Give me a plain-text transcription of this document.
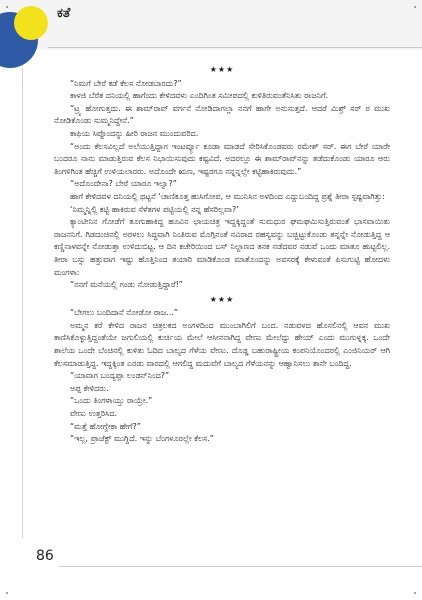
ಕತೆ
★★★

“ನಿಮಗೆ ಬೇರೆ ಕಡೆ ಕೆಲಸ ನೋಡಬಾರದು?”

ಕಾಳಜಿ ಬೆರೆತ ದನಿಯಲ್ಲಿ ಹಾಗೆಂದು ಕೇಳಿದವಳು ಎಂದಿಗಿಂತ ಸಮೀಪದಲ್ಲಿ ಕುಳಿತಿರುವಂತೆನಿಸಿತು ರಾಜನಿಗೆ.

“ಟ್ರ್ಯ ಹೋಗುತ್ತದು. ಈ ಶಾಮ್‌ರಾವ್ ವರ್ಗನೆ ನೋಡಿದಾಗಲ್ಲಾ ನನಗೆ ಹಾಗೇ ಅನುಸುತ್ತದೆ. ಆದರೆ ಮಿಶ್ರ್ ಸರ್ ರ ಮುಖ ನೋಡಿಕೊಂಡು ಸುಮ್ಮನಿದ್ದೇನೆ.”

ಕಾಫಿಯ ಸಿಪ್ಪೊಂದನ್ನು ಹೀರಿ ರಾಜನ ಮುಂದುವರಿದ.

“ಅಂದು ಕೆಲಸವಿಲ್ಲದೆ ಅಲೆಯುತ್ತಿದ್ದಾಗ ಇಂಟರ್ವ್ಯೂ ಕೂಡಾ ಮಾಡದೆ ಸೇರಿಸಿಕೊಂಡವರು ರಮೇಶ್ ಸರ್. ಈಗ ಬೇರೆ ಯಾರೇ ಬಂದರೂ ನಾನು ಮಾಡುತ್ತಿರುವ ಕೆಲಸ ನಿಭಾಯಿಸುವುದು ಕಷ್ಟವಿದೆ. ಅದರಲ್ಲೂ ಈ ಶಾಮ್‌ರಾವ್‌ನನ್ನು ತಡೆದುಕೊಂಡು ಯಾರೂ ಆರು ತಿಂಗಳಿಗಿಂತ ಹೆಚ್ಚಿಗೆ ಉಳಿಯಲಾರರು. ಅದೊಂದೇ ಋಣ, ಇಷ್ಟರಗೂ ನನ್ನನ್ನಲ್ಲೇ ಕಟ್ಟಿಹಾಕಿರುವುದು.”

“ಅದೊಂದೇನಾ? ಬೇರೆ ಯಾರೂ ಇಲ್ವಾ?”

ಹಾಗೆ ಕೇಳಿದವಳ ದನಿಯಲ್ಲಿ ಥಟ್ಟನೆ ‘ಚಾಣಿಕೂತ್ತ ಹುಸಿಗೋಪ, ಆ ಮುನಿಸಿನ ಅಳದಿಂದ ಎದ್ದುಬಂದಿದ್ದ ಪ್ರಶ್ನೆ ತೀರಾ ಸ್ಪಷ್ಟವಾಗಿತ್ತು:

‘ನಿಮ್ಮನ್ನಿಲ್ಲಿ ಕಟ್ಟಿ ಹಾಕಿರುವ ಸೆಳೆತಗಳ ಪಟ್ಟಿಯಲ್ಲಿ ನನ್ನ ಹೆಸರಿಲ್ಲವಾ?’

ಕ್ಯಾಂಟೀನಿನ ಗೋಡೆಗೆ ತೂಗುಹಾಕಿದ್ದ ಹೂವಿನ ಛಾಯಚಿತ್ರ ಇದ್ದಕ್ಕಿದ್ದಂತೆ ಸುಮಧುರ ಘಮಘಮಿಸುತ್ತಿರುವಂತೆ ಭಾಸವಾಯಿತು ರಾಜನನಿಗೆ. ಗಿಡದಂಚಿನಲ್ಲಿ ಅರಳಲು ಸಿದ್ಧವಾಗಿ ನಿಂತಿರುವ ಮೊಗ್ಗಿನಂತೆ ನವಿರಾದ ರಹಸ್ಯವನ್ನು ಬಚ್ಚಿಟ್ಟುಕೊಂಡು ತನ್ನನ್ನೇ ನೋಡುತ್ತಿದ್ದ ಆ ಕಣ್ಣಿನಾಳವನ್ನೇ ನೋಡುತ್ತಾ ಉಳಿದುಬಿಟ್ಟ. ಆ ದಿನ ಕಚೇರಿಯಿಂದ ಬಸ್ ನಿಲ್ದಾಣದ ತನಕ ನಡೆದವರ ನಡುವೆ ಒಂದು ಮಾತೂ ಹುಟ್ಟಲಿಲ್ಲ. ತೀರಾ ಬಸ್ಸು ಹತ್ತುವಾಗ ಇಷ್ಟು ಹೊತ್ತಿನಿಂದ ತಯಾರಿ ಮಾಡಿಕೊಂಡ ಮಾತೊಂದನ್ನು ಅವಸರಕ್ಕೆ ಕೇಳುವಂತೆ ಪಿಸುಗುಟ್ಟಿ ಹೋದಳು ಮಂಗಳಾ:

“ನನಗೆ ಮನೆಯಲ್ಲಿ ಗಂಡು ನೋಡುತ್ತಿದ್ದಾರೆ!”

★★★

“ಬೇಗಲು ಬಂದಿದಾನೆ ನೋಡೋ ರಾಜ...”

ಅಮ್ಮನ ಕರೆ ಕೇಳಿದ ರಾಜನ ಚಿತ್ರಲಕದ ಅಂಗಳದಿಂದ ಮುಂಬಾಗಿಲಿಗೆ ಬಂದ. ನಡುವಳದ ಹೊಸಲಿನಲ್ಲಿ ಆವನ ಮುಖ ಕಾಣಿಸಿಕೊಳ್ಳುತ್ತಿದ್ದಂತೆಯೇ ಜಗುಲಿಯಲ್ಲಿ ಕುರ್ಚಿಯ ಮೇಲೆ ಆಸೀನನಾಗಿದ್ದ ವೇಣು ಮೇಲೆದ್ದು ಹೇಯ್ ಎಂದು ಮುಗುಳ್ನಕ್ಕ. ಒಂದೇ ಶಾಲೆಯ ಒಂದೇ ಬೆಂಚಿನಲ್ಲಿ ಕುಳಿತು ಓದಿದ ಬಾಲ್ಯದ ಗೆಳೆಯ ವೇಣು. ದೊಡ್ಡ ಬಹುರಾಷ್ಟ್ರೀಯ ಕಂಪನಿಯೊಂದರಲ್ಲಿ ಎಂಜಿನಿಯರ್ ಆಗಿ ಕೆಲಸಮಾಡುತ್ತಿದ್ದ. ಇದ್ದಕ್ಕಿಂತ ಎರಡು ವಾರದಲ್ಲಿ ಆಗಲಿದ್ದ ಮದುವೆಗೆ ಬಾಲ್ಯದ ಗೆಳೆಯನನ್ನು ಆಹ್ವಾನಿಸಲು ತಾನೇ ಬಂದಿದ್ದ.

“ಯಾವಾಗ ಬಂದ್ಯಪ್ಪಾ ಲಂಡನ್‌ನಿಂದ?”

ಅಪ್ಪ ಕೇಳಿದರು.

“ಒಂದು ತಿಂಗಳಾಯ್ತು ರಾಯ್ರೇ.”

ವೇಣು ಉತ್ತರಿಸಿದ.

“ಮತ್ತೆ ಹೋಗ್ಬೇಕಾ ಹೇಗೆ?”

“ಇಲ್ಲ, ಪ್ರಾಜೆಕ್ಟ್ ಮುಗ್ದಿದೆ. ಇನ್ನು ಬೆಂಗಳೂರಲ್ಲೇ ಕೆಲಸ.”

86
